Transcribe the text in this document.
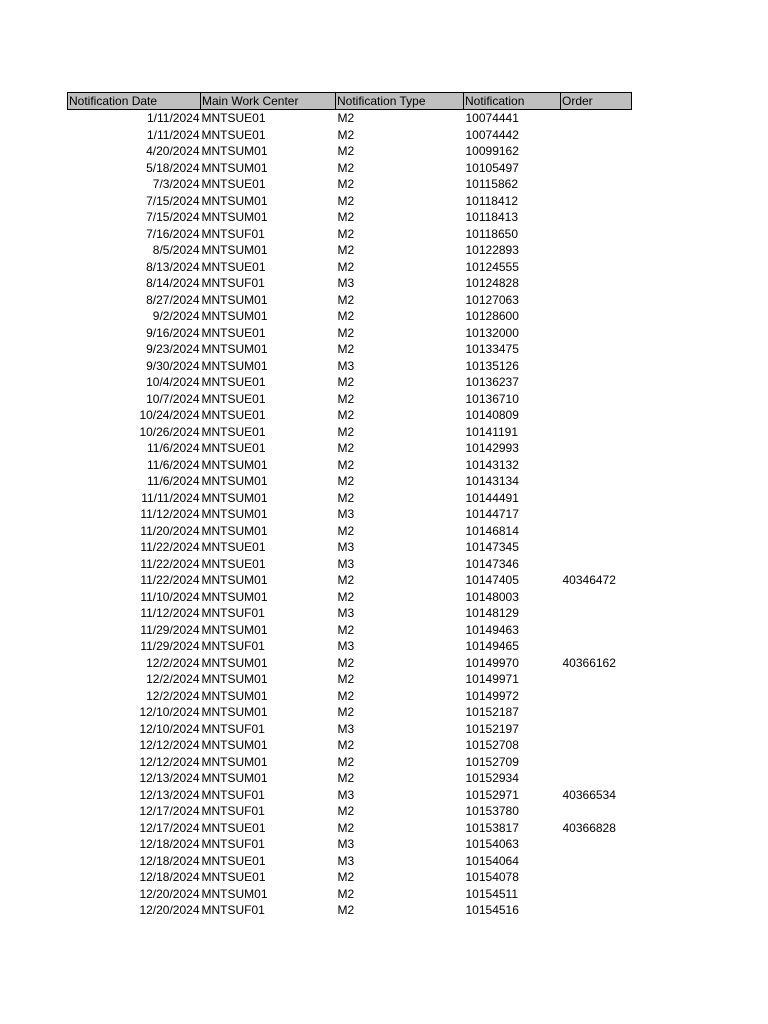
Notification Date	Main Work Center	Notification Type	Notification	Order
1/11/2024	MNTSUE01	M2	10074441	
1/11/2024	MNTSUE01	M2	10074442	
4/20/2024	MNTSUM01	M2	10099162	
5/18/2024	MNTSUM01	M2	10105497	
7/3/2024	MNTSUE01	M2	10115862	
7/15/2024	MNTSUM01	M2	10118412	
7/15/2024	MNTSUM01	M2	10118413	
7/16/2024	MNTSUF01	M2	10118650	
8/5/2024	MNTSUM01	M2	10122893	
8/13/2024	MNTSUE01	M2	10124555	
8/14/2024	MNTSUF01	M3	10124828	
8/27/2024	MNTSUM01	M2	10127063	
9/2/2024	MNTSUM01	M2	10128600	
9/16/2024	MNTSUE01	M2	10132000	
9/23/2024	MNTSUM01	M2	10133475	
9/30/2024	MNTSUM01	M3	10135126	
10/4/2024	MNTSUE01	M2	10136237	
10/7/2024	MNTSUE01	M2	10136710	
10/24/2024	MNTSUE01	M2	10140809	
10/26/2024	MNTSUE01	M2	10141191	
11/6/2024	MNTSUE01	M2	10142993	
11/6/2024	MNTSUM01	M2	10143132	
11/6/2024	MNTSUM01	M2	10143134	
11/11/2024	MNTSUM01	M2	10144491	
11/12/2024	MNTSUM01	M3	10144717	
11/20/2024	MNTSUM01	M2	10146814	
11/22/2024	MNTSUE01	M3	10147345	
11/22/2024	MNTSUE01	M3	10147346	
11/22/2024	MNTSUM01	M2	10147405	40346472
11/10/2024	MNTSUM01	M2	10148003	
11/12/2024	MNTSUF01	M3	10148129	
11/29/2024	MNTSUM01	M2	10149463	
11/29/2024	MNTSUF01	M3	10149465	
12/2/2024	MNTSUM01	M2	10149970	40366162
12/2/2024	MNTSUM01	M2	10149971	
12/2/2024	MNTSUM01	M2	10149972	
12/10/2024	MNTSUM01	M2	10152187	
12/10/2024	MNTSUF01	M3	10152197	
12/12/2024	MNTSUM01	M2	10152708	
12/12/2024	MNTSUM01	M2	10152709	
12/13/2024	MNTSUM01	M2	10152934	
12/13/2024	MNTSUF01	M3	10152971	40366534
12/17/2024	MNTSUF01	M2	10153780	
12/17/2024	MNTSUE01	M2	10153817	40366828
12/18/2024	MNTSUF01	M3	10154063	
12/18/2024	MNTSUE01	M3	10154064	
12/18/2024	MNTSUE01	M2	10154078	
12/20/2024	MNTSUM01	M2	10154511	
12/20/2024	MNTSUF01	M2	10154516	
